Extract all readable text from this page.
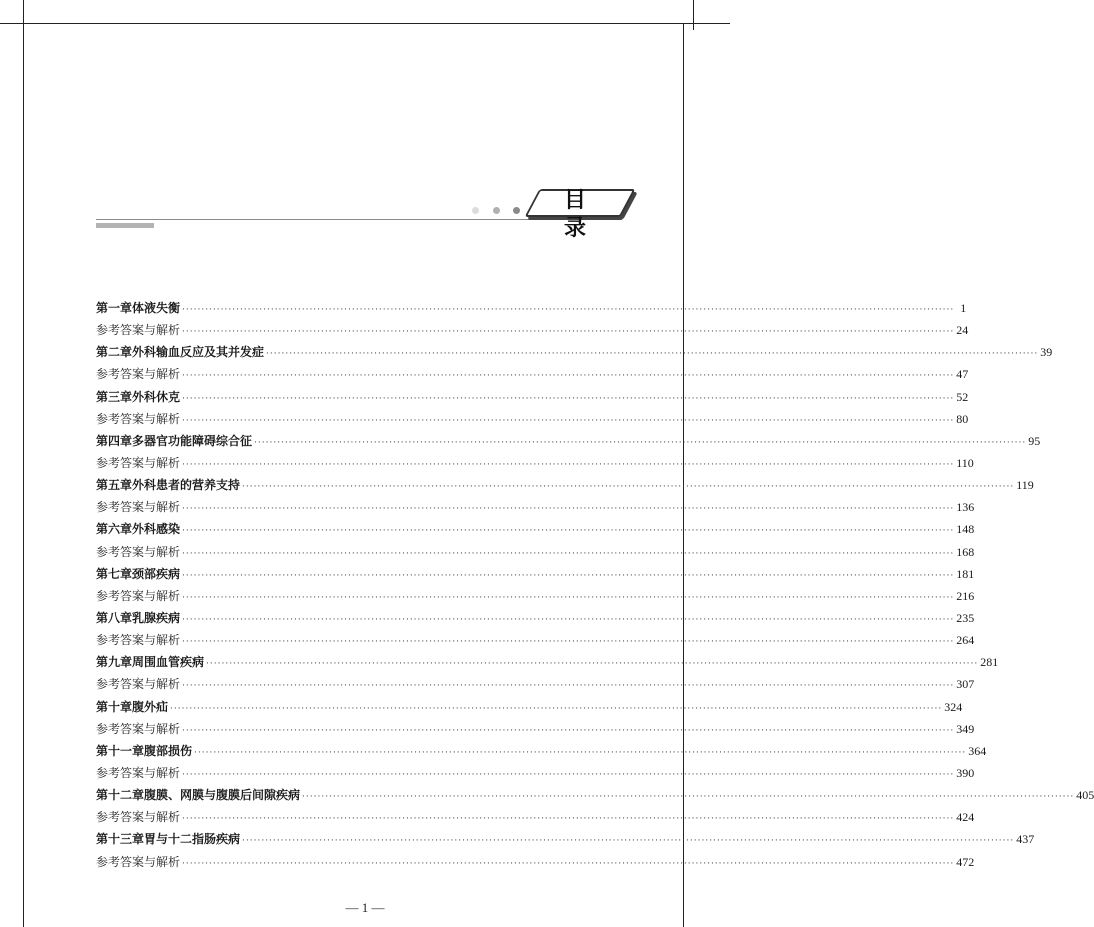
目 录
第一章 体液失衡 ········································································································································································································ 1
参考答案与解析 ········································································································································································································ 24
第二章 外科输血反应及其并发症 ········································································································································································································ 39
参考答案与解析 ········································································································································································································ 47
第三章 外科休克 ········································································································································································································ 52
参考答案与解析 ········································································································································································································ 80
第四章 多器官功能障碍综合征 ········································································································································································································ 95
参考答案与解析 ········································································································································································································ 110
第五章 外科患者的营养支持 ········································································································································································································ 119
参考答案与解析 ········································································································································································································ 136
第六章 外科感染 ········································································································································································································ 148
参考答案与解析 ········································································································································································································ 168
第七章 颈部疾病 ········································································································································································································ 181
参考答案与解析 ········································································································································································································ 216
第八章 乳腺疾病 ········································································································································································································ 235
参考答案与解析 ········································································································································································································ 264
第九章 周围血管疾病 ········································································································································································································ 281
参考答案与解析 ········································································································································································································ 307
第十章 腹外疝 ········································································································································································································ 324
参考答案与解析 ········································································································································································································ 349
第十一章 腹部损伤 ········································································································································································································ 364
参考答案与解析 ········································································································································································································ 390
第十二章 腹膜、网膜与腹膜后间隙疾病 ········································································································································································································ 405
参考答案与解析 ········································································································································································································ 424
第十三章 胃与十二指肠疾病 ········································································································································································································ 437
参考答案与解析 ········································································································································································································ 472
— 1 —
